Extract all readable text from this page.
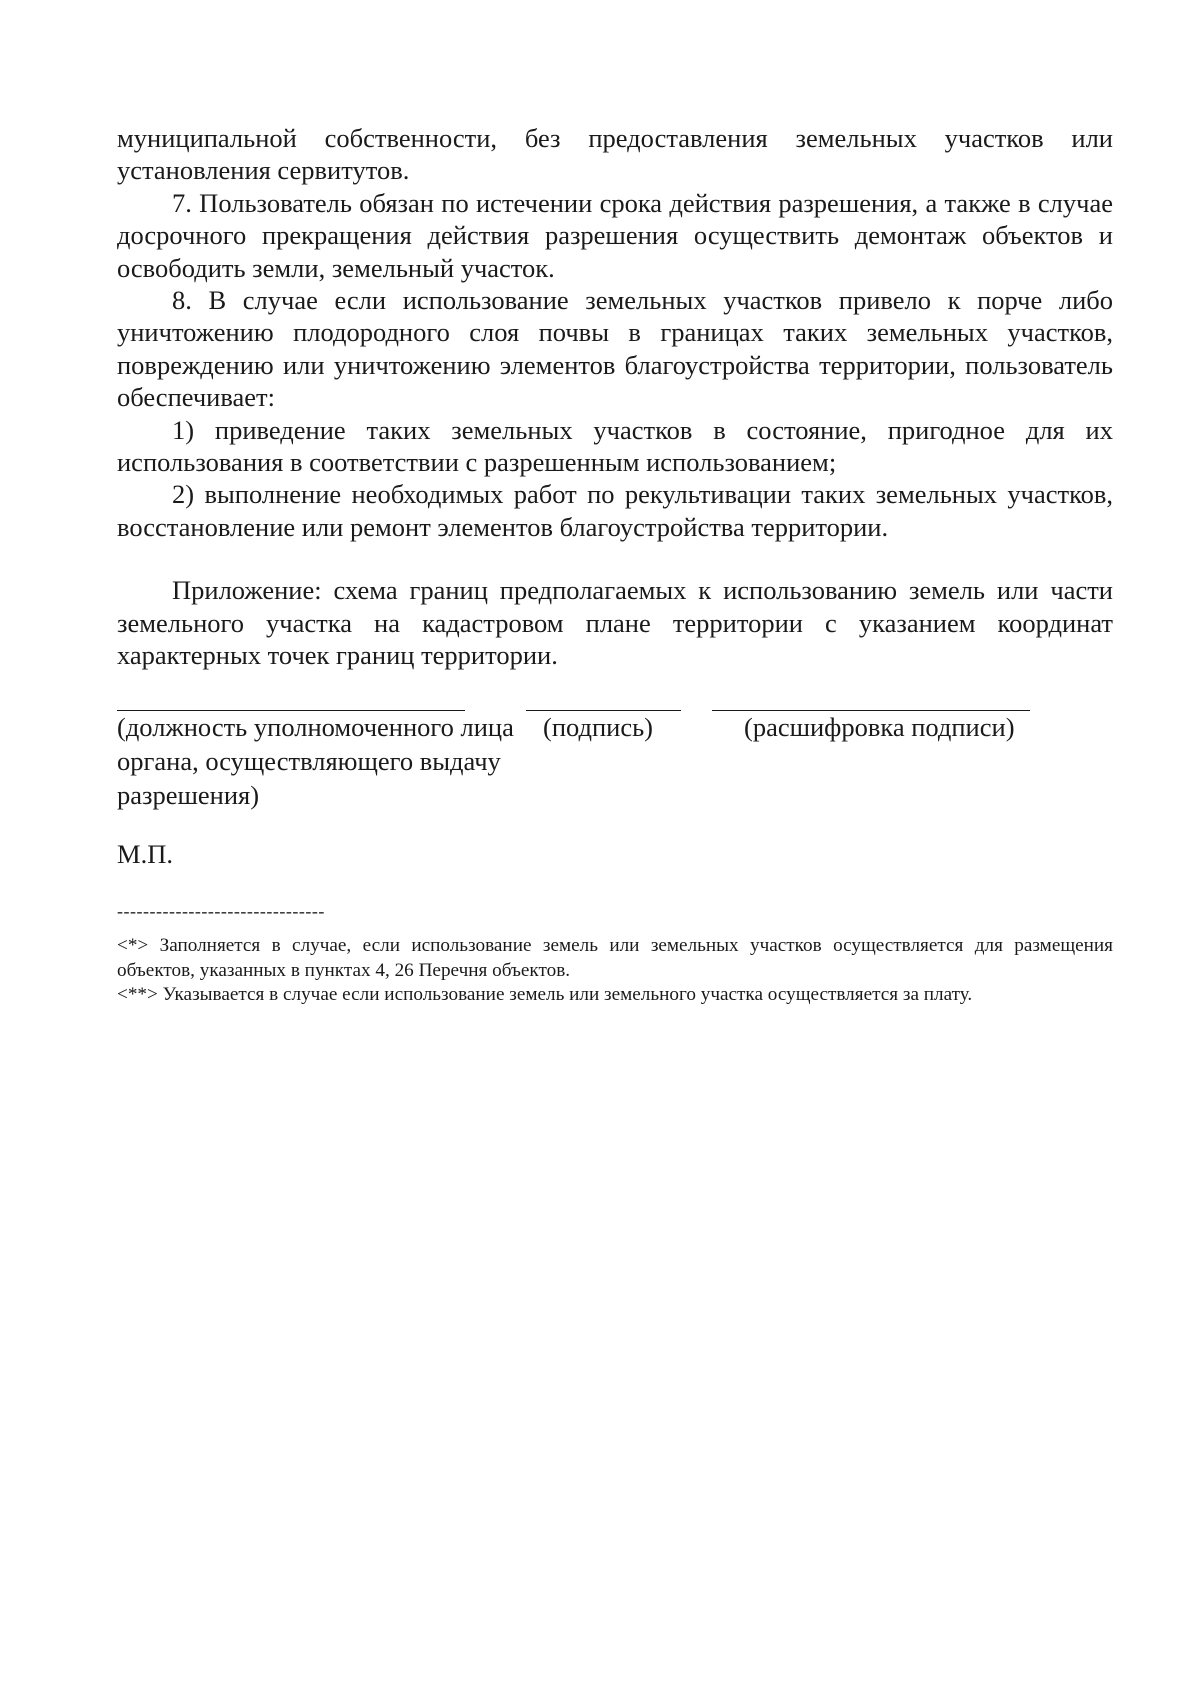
муниципальной собственности, без предоставления земельных участков или установления сервитутов.

7. Пользователь обязан по истечении срока действия разрешения, а также в случае досрочного прекращения действия разрешения осуществить демонтаж объектов и освободить земли, земельный участок.

8. В случае если использование земельных участков привело к порче либо уничтожению плодородного слоя почвы в границах таких земельных участков, повреждению или уничтожению элементов благоустройства территории, пользователь обеспечивает:

1) приведение таких земельных участков в состояние, пригодное для их использования в соответствии с разрешенным использованием;

2) выполнение необходимых работ по рекультивации таких земельных участков, восстановление или ремонт элементов благоустройства территории.

Приложение: схема границ предполагаемых к использованию земель или части земельного участка на кадастровом плане территории с указанием координат характерных точек границ территории.

(должность уполномоченного лица органа, осуществляющего выдачу разрешения)
(подпись)	(расшифровка подписи)
М.П.
--------------------------------

<*> Заполняется в случае, если использование земель или земельных участков осуществляется для размещения объектов, указанных в пунктах 4, 26 Перечня объектов.

<**> Указывается в случае если использование земель или земельного участка осуществляется за плату.
